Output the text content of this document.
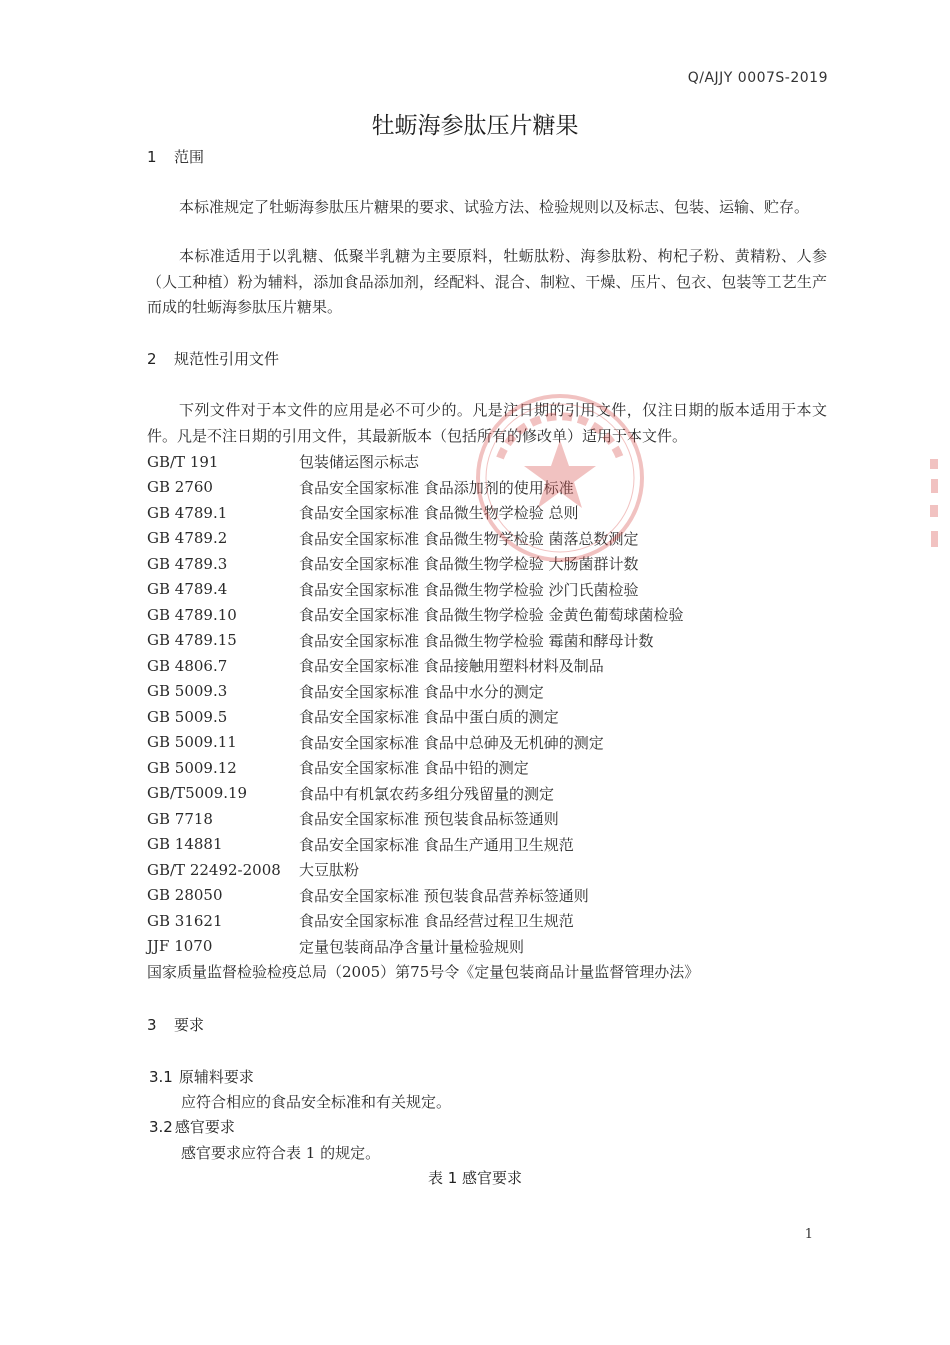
Q/AJJY 0007S-2019
牡蛎海参肽压片糖果
1 范围
本标准规定了牡蛎海参肽压片糖果的要求、试验方法、检验规则以及标志、包装、运输、贮存。
本标准适用于以乳糖、低聚半乳糖为主要原料，牡蛎肽粉、海参肽粉、枸杞子粉、黄精粉、人参（人工种植）粉为辅料，添加食品添加剂，经配料、混合、制粒、干燥、压片、包衣、包装等工艺生产而成的牡蛎海参肽压片糖果。
2 规范性引用文件
下列文件对于本文件的应用是必不可少的。凡是注日期的引用文件，仅注日期的版本适用于本文件。凡是不注日期的引用文件，其最新版本（包括所有的修改单）适用于本文件。
GB/T 191	包装储运图示标志
GB 2760	食品安全国家标准 食品添加剂的使用标准
GB 4789.1	食品安全国家标准 食品微生物学检验 总则
GB 4789.2	食品安全国家标准 食品微生物学检验 菌落总数测定
GB 4789.3	食品安全国家标准 食品微生物学检验 大肠菌群计数
GB 4789.4	食品安全国家标准 食品微生物学检验 沙门氏菌检验
GB 4789.10	食品安全国家标准 食品微生物学检验 金黄色葡萄球菌检验
GB 4789.15	食品安全国家标准 食品微生物学检验 霉菌和酵母计数
GB 4806.7	食品安全国家标准 食品接触用塑料材料及制品
GB 5009.3	食品安全国家标准 食品中水分的测定
GB 5009.5	食品安全国家标准 食品中蛋白质的测定
GB 5009.11	食品安全国家标准 食品中总砷及无机砷的测定
GB 5009.12	食品安全国家标准 食品中铅的测定
GB/T5009.19	食品中有机氯农药多组分残留量的测定
GB 7718	食品安全国家标准 预包装食品标签通则
GB 14881	食品安全国家标准 食品生产通用卫生规范
GB/T 22492-2008	大豆肽粉
GB 28050	食品安全国家标准 预包装食品营养标签通则
GB 31621	食品安全国家标准 食品经营过程卫生规范
JJF 1070	定量包装商品净含量计量检验规则
国家质量监督检验检疫总局（2005）第75号令《定量包装商品计量监督管理办法》
3 要求
3.1 原辅料要求
应符合相应的食品安全标准和有关规定。
3.2 感官要求
感官要求应符合表 1 的规定。
表 1 感官要求
1
